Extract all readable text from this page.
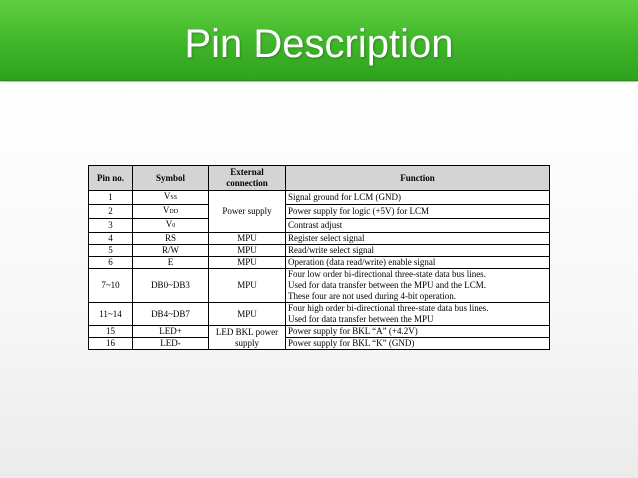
Pin Description
Pin no.	Symbol	External connection	Function
1	VSS	Power supply	Signal ground for LCM (GND)
2	VDD		Power supply for logic (+5V) for LCM
3	V0		Contrast adjust
4	RS	MPU	Register select signal
5	R/W	MPU	Read/write select signal
6	E	MPU	Operation (data read/write) enable signal
7~10	DB0~DB3	MPU	Four low order bi-directional three-state data bus lines.
Used for data transfer between the MPU and the LCM.
These four are not used during 4-bit operation.
11~14	DB4~DB7	MPU	Four high order bi-directional three-state data bus lines.
Used for data transfer between the MPU
15	LED+	LED BKL power supply	Power supply for BKL “A” (+4.2V)
16	LED-		Power supply for BKL “K” (GND)
